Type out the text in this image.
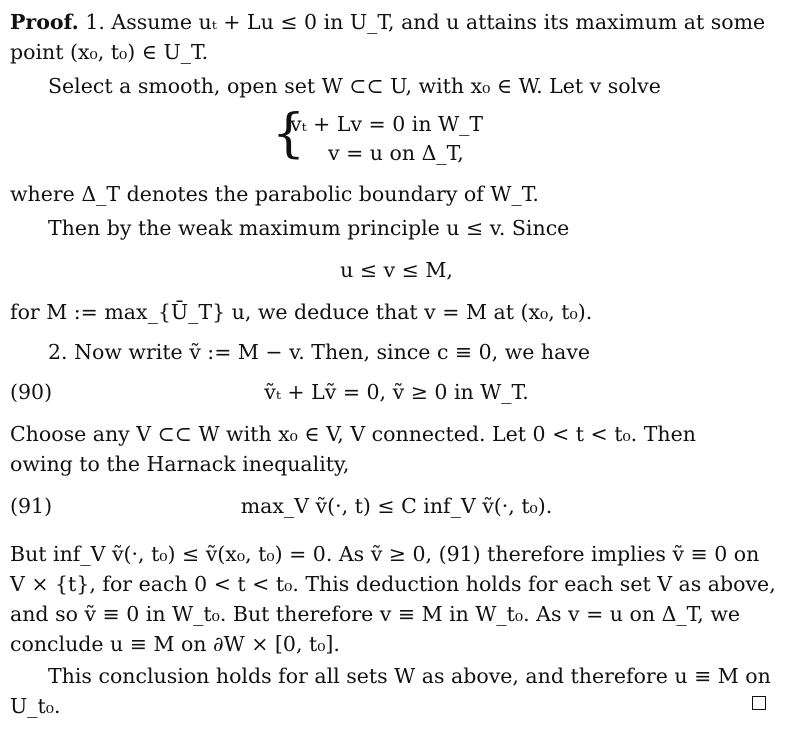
Proof. 1. Assume uₜ + Lu ≤ 0 in U_T, and u attains its maximum at some
point (x₀, t₀) ∈ U_T.
Select a smooth, open set W ⊂⊂ U, with x₀ ∈ W. Let v solve
{
vₜ + Lv = 0 in W_T
v = u on Δ_T,
where Δ_T denotes the parabolic boundary of W_T.
Then by the weak maximum principle u ≤ v. Since
u ≤ v ≤ M,
for M := max_{Ū_T} u, we deduce that v = M at (x₀, t₀).
2. Now write ṽ := M − v. Then, since c ≡ 0, we have
(90)	ṽₜ + Lṽ = 0, ṽ ≥ 0 in W_T.
Choose any V ⊂⊂ W with x₀ ∈ V, V connected. Let 0 < t < t₀. Then
owing to the Harnack inequality,
(91)	max_V ṽ(·, t) ≤ C inf_V ṽ(·, t₀).
But inf_V ṽ(·, t₀) ≤ ṽ(x₀, t₀) = 0. As ṽ ≥ 0, (91) therefore implies ṽ ≡ 0 on
V × {t}, for each 0 < t < t₀. This deduction holds for each set V as above,
and so ṽ ≡ 0 in W_t₀. But therefore v ≡ M in W_t₀. As v = u on Δ_T, we
conclude u ≡ M on ∂W × [0, t₀].
This conclusion holds for all sets W as above, and therefore u ≡ M on
U_t₀.
